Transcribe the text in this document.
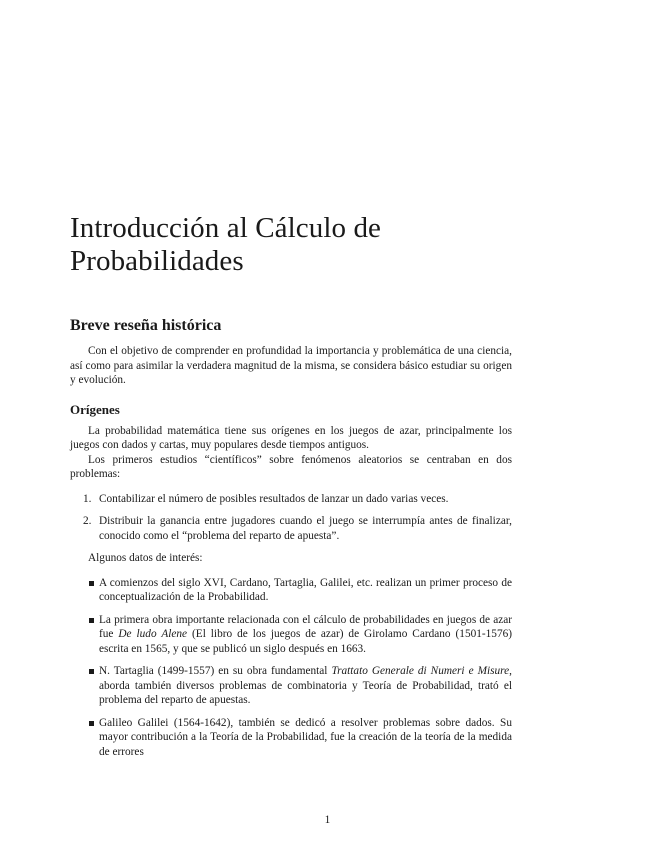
Introducción al Cálculo de
Probabilidades
Breve reseña histórica

Con el objetivo de comprender en profundidad la importancia y problemática de una ciencia, así como para asimilar la verdadera magnitud de la misma, se considera básico estudiar su origen y evolución.

Orígenes

La probabilidad matemática tiene sus orígenes en los juegos de azar, principalmente los juegos con dados y cartas, muy populares desde tiempos antiguos.

Los primeros estudios “científicos” sobre fenómenos aleatorios se centraban en dos problemas:

1. Contabilizar el número de posibles resultados de lanzar un dado varias veces.
2. Distribuir la ganancia entre jugadores cuando el juego se interrumpía antes de finalizar, conocido como el “problema del reparto de apuesta”.

Algunos datos de interés:

A comienzos del siglo XVI, Cardano, Tartaglia, Galilei, etc. realizan un primer proceso de conceptualización de la Probabilidad.
La primera obra importante relacionada con el cálculo de probabilidades en juegos de azar fue De ludo Alene (El libro de los juegos de azar) de Girolamo Cardano (1501-1576) escrita en 1565, y que se publicó un siglo después en 1663.
N. Tartaglia (1499-1557) en su obra fundamental Trattato Generale di Numeri e Misure, aborda también diversos problemas de combinatoria y Teoría de Probabilidad, trató el problema del reparto de apuestas.
Galileo Galilei (1564-1642), también se dedicó a resolver problemas sobre dados. Su mayor contribución a la Teoría de la Probabilidad, fue la creación de la teoría de la medida de errores
1
